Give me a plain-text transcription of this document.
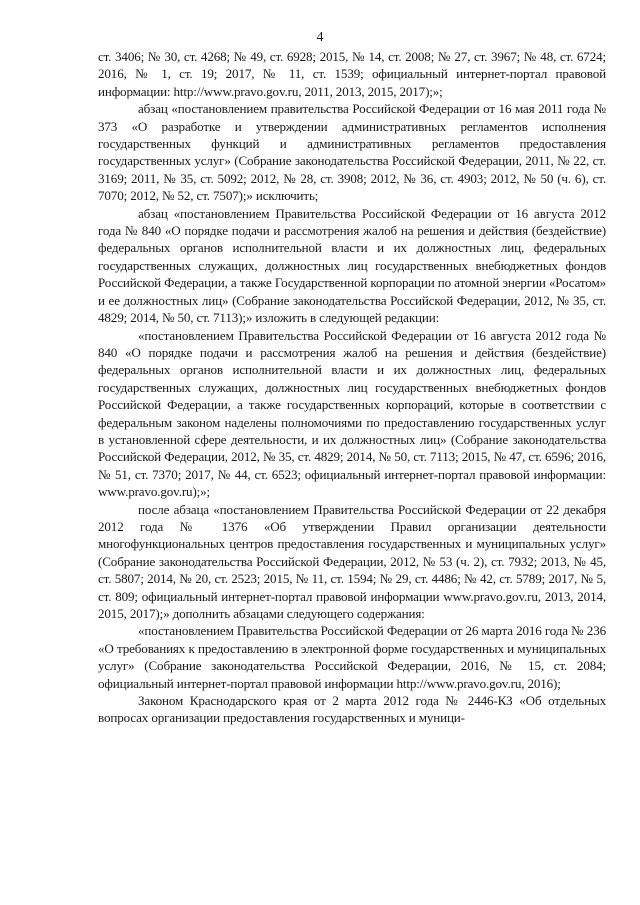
4

ст. 3406; № 30, ст. 4268; № 49, ст. 6928; 2015, № 14, ст. 2008; № 27, ст. 3967; № 48, ст. 6724; 2016, № 1, ст. 19; 2017, № 11, ст. 1539; официальный интернет-портал правовой информации: http://www.pravo.gov.ru, 2011, 2013, 2015, 2017);»;

абзац «постановлением правительства Российской Федерации от 16 мая 2011 года № 373 «О разработке и утверждении административных регламентов исполнения государственных функций и административных регламентов предоставления государственных услуг» (Собрание законодательства Российской Федерации, 2011, № 22, ст. 3169; 2011, № 35, ст. 5092; 2012, № 28, ст. 3908; 2012, № 36, ст. 4903; 2012, № 50 (ч. 6), ст. 7070; 2012, № 52, ст. 7507);» исключить;

абзац «постановлением Правительства Российской Федерации от 16 августа 2012 года № 840 «О порядке подачи и рассмотрения жалоб на решения и действия (бездействие) федеральных органов исполнительной власти и их должностных лиц, федеральных государственных служащих, должностных лиц государственных внебюджетных фондов Российской Федерации, а также Государственной корпорации по атомной энергии «Росатом» и ее должностных лиц» (Собрание законодательства Российской Федерации, 2012, № 35, ст. 4829; 2014, № 50, ст. 7113);» изложить в следующей редакции:

«постановлением Правительства Российской Федерации от 16 августа 2012 года № 840 «О порядке подачи и рассмотрения жалоб на решения и действия (бездействие) федеральных органов исполнительной власти и их должностных лиц, федеральных государственных служащих, должностных лиц государственных внебюджетных фондов Российской Федерации, а также государственных корпораций, которые в соответствии с федеральным законом наделены полномочиями по предоставлению государственных услуг в установленной сфере деятельности, и их должностных лиц» (Собрание законодательства Российской Федерации, 2012, № 35, ст. 4829; 2014, № 50, ст. 7113; 2015, № 47, ст. 6596; 2016, № 51, ст. 7370; 2017, № 44, ст. 6523; официальный интернет-портал правовой информации: www.pravo.gov.ru);»;

после абзаца «постановлением Правительства Российской Федерации от 22 декабря 2012 года № 1376 «Об утверждении Правил организации деятельности многофункциональных центров предоставления государственных и муниципальных услуг» (Собрание законодательства Российской Федерации, 2012, № 53 (ч. 2), ст. 7932; 2013, № 45, ст. 5807; 2014, № 20, ст. 2523; 2015, № 11, ст. 1594; № 29, ст. 4486; № 42, ст. 5789; 2017, № 5, ст. 809; официальный интернет-портал правовой информации www.pravo.gov.ru, 2013, 2014, 2015, 2017);» дополнить абзацами следующего содержания:

«постановлением Правительства Российской Федерации от 26 марта 2016 года № 236 «О требованиях к предоставлению в электронной форме государственных и муниципальных услуг» (Собрание законодательства Российской Федерации, 2016, № 15, ст. 2084; официальный интернет-портал правовой информации http://www.pravo.gov.ru, 2016);

Законом Краснодарского края от 2 марта 2012 года № 2446-КЗ «Об отдельных вопросах организации предоставления государственных и муници-
